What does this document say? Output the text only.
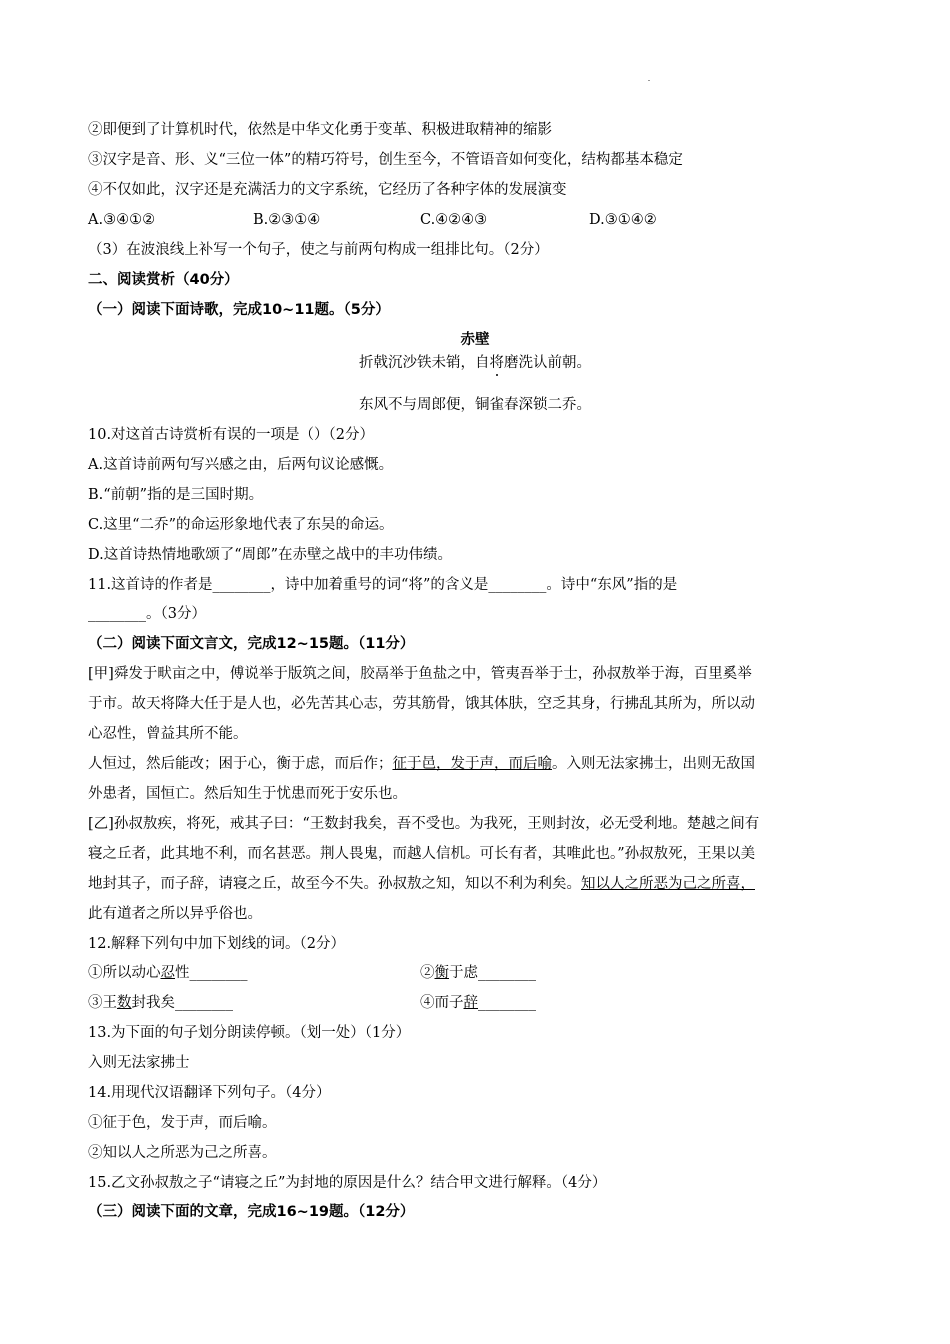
②即便到了计算机时代，依然是中华文化勇于变革、积极进取精神的缩影
③汉字是音、形、义“三位一体”的精巧符号，创生至今，不管语音如何变化，结构都基本稳定
④不仅如此，汉字还是充满活力的文字系统，它经历了各种字体的发展演变
A.③④①②	B.②③①④	C.④②④③	D.③①④②
（3）在波浪线上补写一个句子，使之与前两句构成一组排比句。（2分）
二、阅读赏析（40分）
（一）阅读下面诗歌，完成10~11题。（5分）
赤壁
折戟沉沙铁未销，自将磨洗认前朝。
东风不与周郎便，铜雀春深锁二乔。
10.对这首古诗赏析有误的一项是（）（2分）
A.这首诗前两句写兴感之由，后两句议论感慨。
B.“前朝”指的是三国时期。
C.这里“二乔”的命运形象地代表了东吴的命运。
D.这首诗热情地歌颂了“周郎”在赤壁之战中的丰功伟绩。
11.这首诗的作者是________，诗中加着重号的词“将”的含义是________。诗中“东风”指的是
________。（3分）
（二）阅读下面文言文，完成12~15题。（11分）
[甲]舜发于畎亩之中，傅说举于版筑之间，胶鬲举于鱼盐之中，管夷吾举于士，孙叔敖举于海，百里奚举
于市。故天将降大任于是人也，必先苦其心志，劳其筋骨，饿其体肤，空乏其身，行拂乱其所为，所以动
心忍性，曾益其所不能。
人恒过，然后能改；困于心，衡于虑，而后作；征于邑，发于声，而后喻。入则无法家拂士，出则无敌国
外患者，国恒亡。然后知生于忧患而死于安乐也。
[乙]孙叔敖疾，将死，戒其子曰：“王数封我矣，吾不受也。为我死，王则封汝，必无受利地。楚越之间有
寝之丘者，此其地不利，而名甚恶。荆人畏鬼，而越人信机。可长有者，其唯此也。”孙叔敖死，王果以美
地封其子，而子辞，请寝之丘，故至今不失。孙叔敖之知，知以不利为利矣。知以人之所恶为己之所喜，
此有道者之所以异乎俗也。
12.解释下列句中加下划线的词。（2分）
①所以动心忍性________	②衡于虑________
③王数封我矣________	④而子辞________
13.为下面的句子划分朗读停顿。（划一处）（1分）
入则无法家拂士
14.用现代汉语翻译下列句子。（4分）
①征于色，发于声，而后喻。
②知以人之所恶为己之所喜。
15.乙文孙叔敖之子“请寝之丘”为封地的原因是什么？结合甲文进行解释。（4分）
（三）阅读下面的文章，完成16~19题。（12分）
